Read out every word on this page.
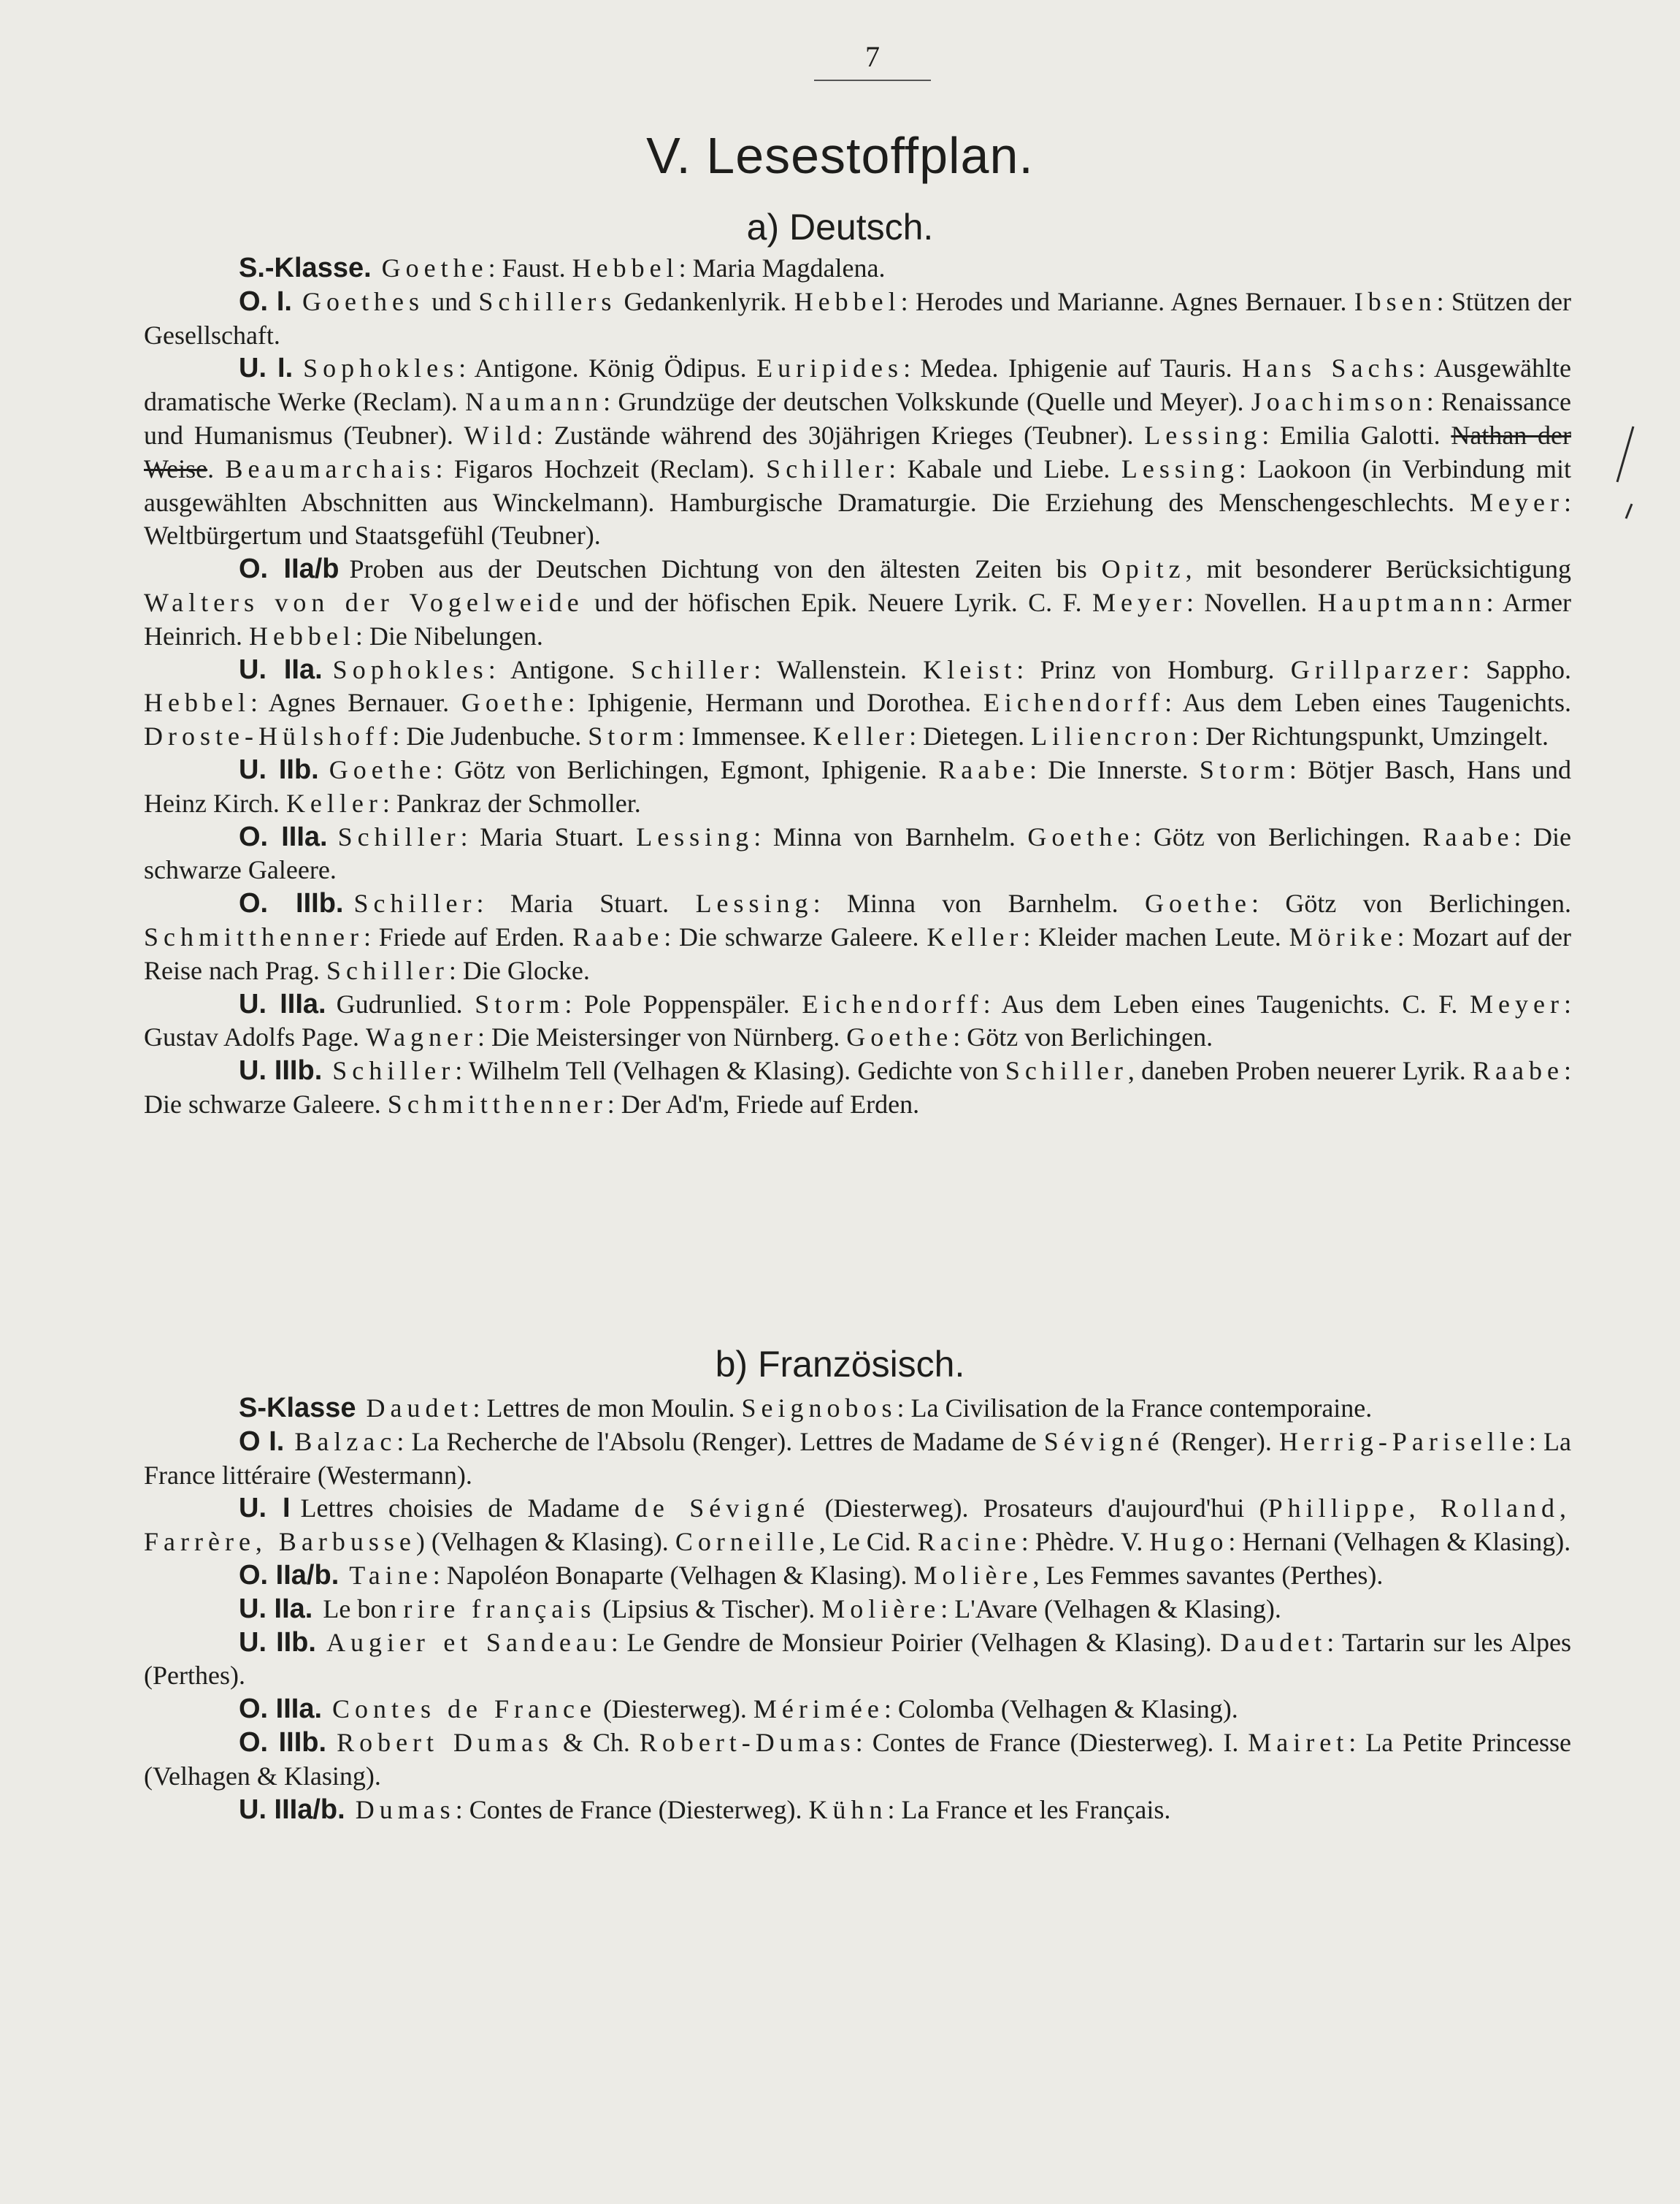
7
V. Lesestoffplan.
a) Deutsch.

S.-Klasse. Goethe: Faust. Hebbel: Maria Magdalena.

O. I. Goethes und Schillers Gedankenlyrik. Hebbel: Herodes und Marianne. Agnes Bernauer. Ibsen: Stützen der Gesellschaft.

U. I. Sophokles: Antigone. König Ödipus. Euripides: Medea. Iphigenie auf Tauris. Hans Sachs: Ausgewählte dramatische Werke (Reclam). Naumann: Grundzüge der deutschen Volkskunde (Quelle und Meyer). Joachimson: Renaissance und Humanismus (Teubner). Wild: Zustände während des 30jährigen Krieges (Teubner). Lessing: Emilia Galotti. Nathan der Weise. Beaumarchais: Figaros Hochzeit (Reclam). Schiller: Kabale und Liebe. Lessing: Laokoon (in Verbindung mit ausgewählten Abschnitten aus Winckelmann). Hamburgische Dramaturgie. Die Erziehung des Menschengeschlechts. Meyer: Weltbürgertum und Staatsgefühl (Teubner).

O. IIa/b Proben aus der Deutschen Dichtung von den ältesten Zeiten bis Opitz, mit besonderer Berücksichtigung Walters von der Vogelweide und der höfischen Epik. Neuere Lyrik. C. F. Meyer: Novellen. Hauptmann: Armer Heinrich. Hebbel: Die Nibelungen.

U. IIa. Sophokles: Antigone. Schiller: Wallenstein. Kleist: Prinz von Homburg. Grillparzer: Sappho. Hebbel: Agnes Bernauer. Goethe: Iphigenie, Hermann und Dorothea. Eichendorff: Aus dem Leben eines Taugenichts. Droste-Hülshoff: Die Judenbuche. Storm: Immensee. Keller: Dietegen. Liliencron: Der Richtungspunkt, Umzingelt.

U. IIb. Goethe: Götz von Berlichingen, Egmont, Iphigenie. Raabe: Die Innerste. Storm: Bötjer Basch, Hans und Heinz Kirch. Keller: Pankraz der Schmoller.

O. IIIa. Schiller: Maria Stuart. Lessing: Minna von Barnhelm. Goethe: Götz von Berlichingen. Raabe: Die schwarze Galeere.

O. IIIb. Schiller: Maria Stuart. Lessing: Minna von Barnhelm. Goethe: Götz von Berlichingen. Schmitthenner: Friede auf Erden. Raabe: Die schwarze Galeere. Keller: Kleider machen Leute. Mörike: Mozart auf der Reise nach Prag. Schiller: Die Glocke.

U. IIIa. Gudrunlied. Storm: Pole Poppenspäler. Eichendorff: Aus dem Leben eines Taugenichts. C. F. Meyer: Gustav Adolfs Page. Wagner: Die Meistersinger von Nürnberg. Goethe: Götz von Berlichingen.

U. IIIb. Schiller: Wilhelm Tell (Velhagen & Klasing). Gedichte von Schiller, daneben Proben neuerer Lyrik. Raabe: Die schwarze Galeere. Schmitthenner: Der Ad'm, Friede auf Erden.

b) Französisch.

S-Klasse Daudet: Lettres de mon Moulin. Seignobos: La Civilisation de la France contemporaine.

O I. Balzac: La Recherche de l'Absolu (Renger). Lettres de Madame de Sévigné (Renger). Herrig-Pariselle: La France littéraire (Westermann).

U. I Lettres choisies de Madame de Sévigné (Diesterweg). Prosateurs d'aujourd'hui (Phillippe, Rolland, Farrère, Barbusse) (Velhagen & Klasing). Corneille, Le Cid. Racine: Phèdre. V. Hugo: Hernani (Velhagen & Klasing).

O. IIa/b. Taine: Napoléon Bonaparte (Velhagen & Klasing). Molière, Les Femmes savantes (Perthes).

U. IIa. Le bon rire français (Lipsius & Tischer). Molière: L'Avare (Velhagen & Klasing).

U. IIb. Augier et Sandeau: Le Gendre de Monsieur Poirier (Velhagen & Klasing). Daudet: Tartarin sur les Alpes (Perthes).

O. IIIa. Contes de France (Diesterweg). Mérimée: Colomba (Velhagen & Klasing).

O. IIIb. Robert Dumas & Ch. Robert-Dumas: Contes de France (Diesterweg). I. Mairet: La Petite Princesse (Velhagen & Klasing).

U. IIIa/b. Dumas: Contes de France (Diesterweg). Kühn: La France et les Français.
